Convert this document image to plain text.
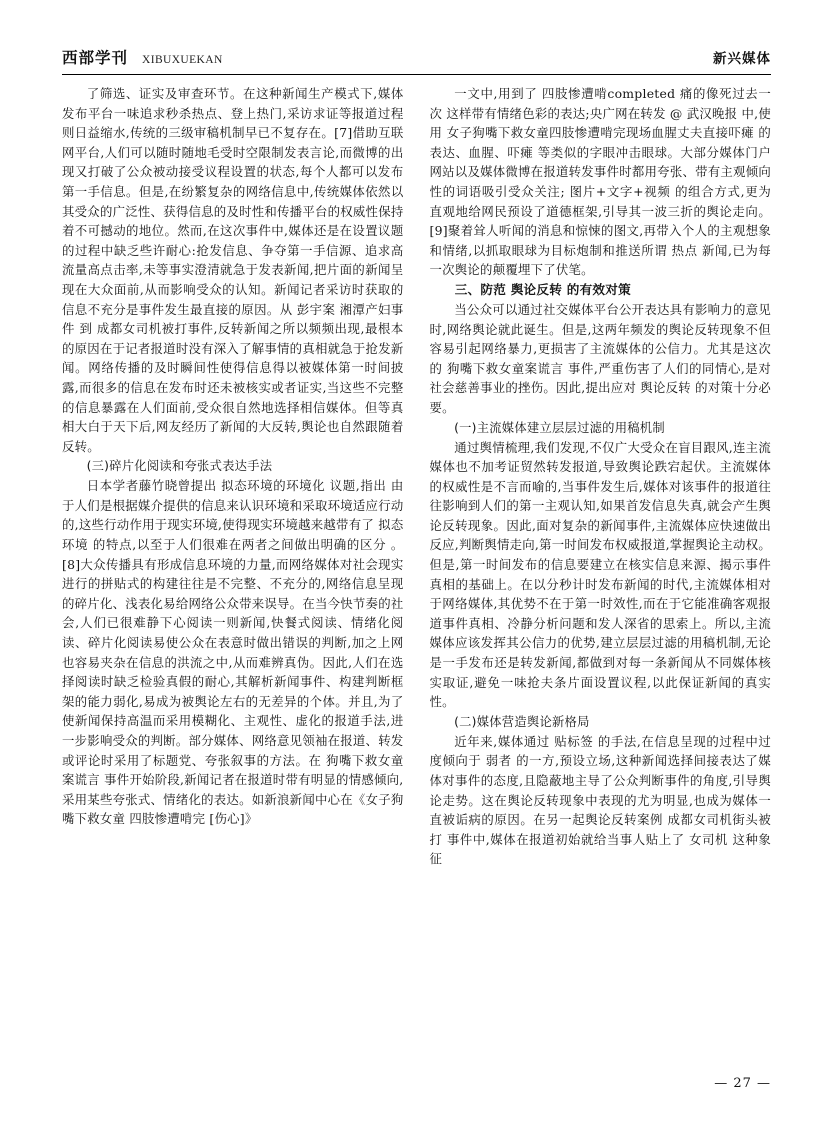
西部学刊 XIBUXUEKAN	新兴媒体

了筛选、证实及审查环节。在这种新闻生产模式下,媒体发布平台一味追求秒杀热点、登上热门,采访求证等报道过程则日益缩水,传统的三级审稿机制早已不复存在。[7]借助互联网平台,人们可以随时随地毛受时空限制发表言论,而微博的出现又打破了公众被动接受议程设置的状态,每个人都可以发布第一手信息。但是,在纷繁复杂的网络信息中,传统媒体依然以其受众的广泛性、获得信息的及时性和传播平台的权威性保持着不可撼动的地位。然而,在这次事件中,媒体还是在设置议题的过程中缺乏些许耐心:抢发信息、争夺第一手信源、追求高流量高点击率,未等事实澄清就急于发表新闻,把片面的新闻呈现在大众面前,从而影响受众的认知。新闻记者采访时获取的信息不充分是事件发生最直接的原因。从 彭宇案 湘潭产妇事件 到 成都女司机被打事件,反转新闻之所以频频出现,最根本的原因在于记者报道时没有深入了解事情的真相就急于抢发新闻。网络传播的及时瞬间性使得信息得以被媒体第一时间披露,而很多的信息在发布时还未被核实或者证实,当这些不完整的信息暴露在人们面前,受众很自然地选择相信媒体。但等真相大白于天下后,网友经历了新闻的大反转,舆论也自然跟随着反转。

(三)碎片化阅读和夸张式表达手法

日本学者藤竹晓曾提出 拟态环境的环境化 议题,指出 由于人们是根据媒介提供的信息来认识环境和采取环境适应行动的,这些行动作用于现实环境,使得现实环境越来越带有了 拟态环境 的特点,以至于人们很难在两者之间做出明确的区分 。[8]大众传播具有形成信息环境的力量,而网络媒体对社会现实进行的拼贴式的构建往往是不完整、不充分的,网络信息呈现的碎片化、浅表化易给网络公众带来误导。在当今快节奏的社会,人们已很难静下心阅读一则新闻,快餐式阅读、情绪化阅读、碎片化阅读易使公众在表意时做出错误的判断,加之上网也容易夹杂在信息的洪流之中,从而难辨真伪。因此,人们在选择阅读时缺乏检验真假的耐心,其解析新闻事件、构建判断框架的能力弱化,易成为被舆论左右的无差异的个体。并且,为了使新闻保持高温而采用模糊化、主观性、虚化的报道手法,进一步影响受众的判断。部分媒体、网络意见领袖在报道、转发或评论时采用了标题党、夸张叙事的方法。在 狗嘴下救女童案谎言 事件开始阶段,新闻记者在报道时带有明显的情感倾向,采用某些夸张式、情绪化的表达。如新浪新闻中心在《女子狗嘴下救女童 四肢惨遭啃完 [伤心]》

一文中,用到了 四肢惨遭啃completed 痛的像死过去一次 这样带有情绪色彩的表达;央广网在转发 @ 武汉晚报 中,使用 女子狗嘴下救女童四肢惨遭啃完现场血腥丈夫直接吓瘫 的表达、血腥、吓瘫 等类似的字眼冲击眼球。大部分媒体门户网站以及媒体微博在报道转发事件时都用夸张、带有主观倾向性的词语吸引受众关注; 图片+文字+视频 的组合方式,更为直观地给网民预设了道德框架,引导其一波三折的舆论走向。[9]聚着耸人听闻的消息和惊悚的图文,再带入个人的主观想象和情绪,以抓取眼球为目标炮制和推送所谓 热点 新闻,已为每一次舆论的颠覆埋下了伏笔。

三、防范 舆论反转 的有效对策

当公众可以通过社交媒体平台公开表达具有影响力的意见时,网络舆论就此诞生。但是,这两年频发的舆论反转现象不但容易引起网络暴力,更损害了主流媒体的公信力。尤其是这次的 狗嘴下救女童案谎言 事件,严重伤害了人们的同情心,是对社会慈善事业的挫伤。因此,提出应对 舆论反转 的对策十分必要。

(一)主流媒体建立层层过滤的用稿机制

通过舆情梳理,我们发现,不仅广大受众在盲目跟风,连主流媒体也不加考证贸然转发报道,导致舆论跌宕起伏。主流媒体的权威性是不言而喻的,当事件发生后,媒体对该事件的报道往往影响到人们的第一主观认知,如果首发信息失真,就会产生舆论反转现象。因此,面对复杂的新闻事件,主流媒体应快速做出反应,判断舆情走向,第一时间发布权威报道,掌握舆论主动权。但是,第一时间发布的信息要建立在核实信息来源、揭示事件真相的基础上。在以分秒计时发布新闻的时代,主流媒体相对于网络媒体,其优势不在于第一时效性,而在于它能准确客观报道事件真相、冷静分析问题和发人深省的思索上。所以,主流媒体应该发挥其公信力的优势,建立层层过滤的用稿机制,无论是一手发布还是转发新闻,都做到对每一条新闻从不同媒体核实取证,避免一味抢夫条片面设置议程,以此保证新闻的真实性。

(二)媒体营造舆论新格局

近年来,媒体通过 贴标签 的手法,在信息呈现的过程中过度倾向于 弱者 的一方,预设立场,这种新闻选择间接表达了媒体对事件的态度,且隐蔽地主导了公众判断事件的角度,引导舆论走势。这在舆论反转现象中表现的尤为明显,也成为媒体一直被诟病的原因。在另一起舆论反转案例 成都女司机街头被打 事件中,媒体在报道初始就给当事人贴上了 女司机 这种象征

— 27 —
